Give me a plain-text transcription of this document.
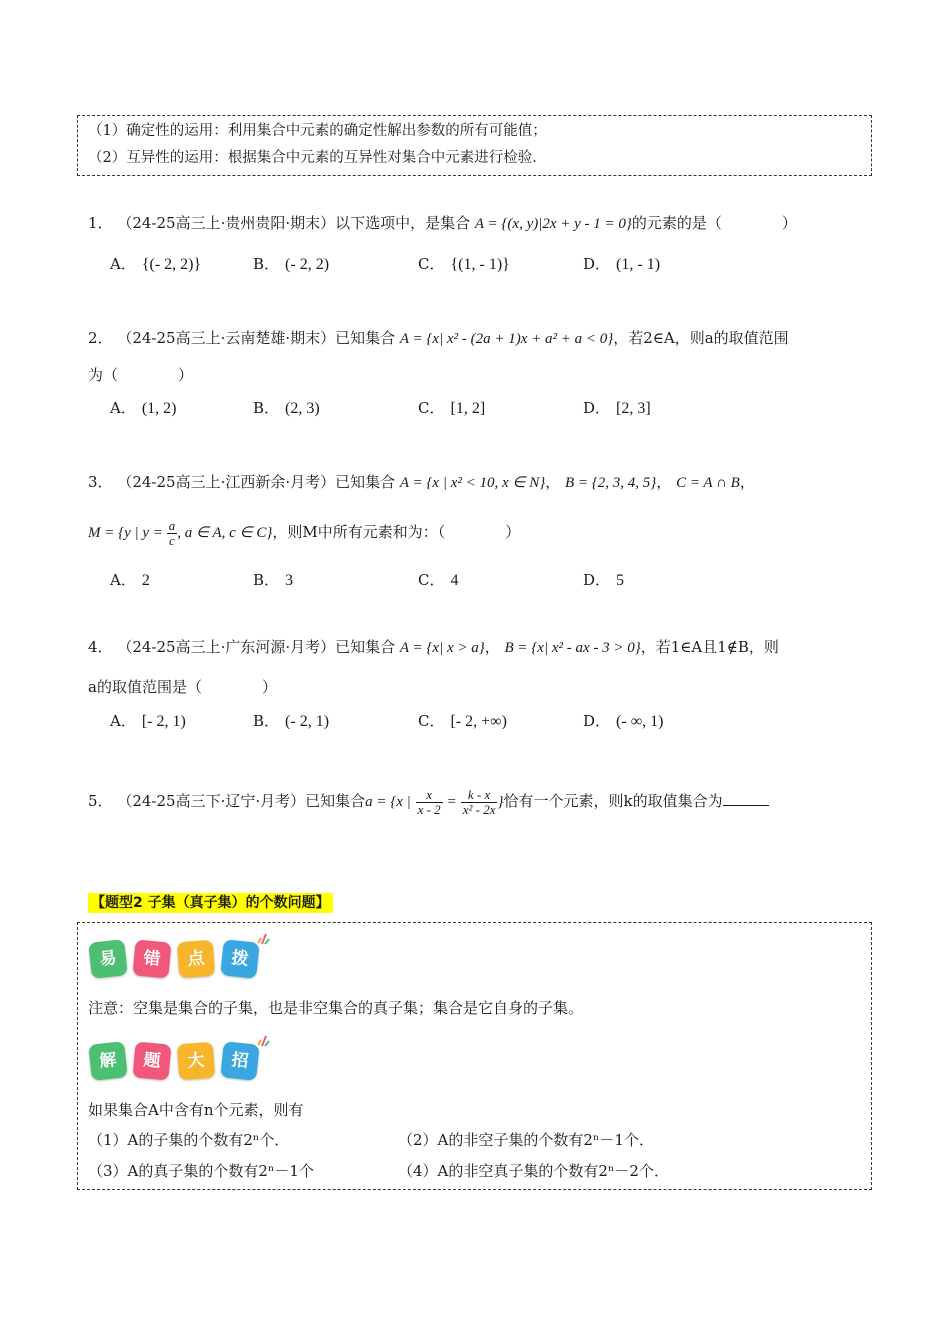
（1）确定性的运用：利用集合中元素的确定性解出参数的所有可能值；
（2）互异性的运用：根据集合中元素的互异性对集合中元素进行检验．
1． （24-25高三上·贵州贵阳·期末）以下选项中，是集合 A = {(x, y)|2x + y - 1 = 0}的元素的是（　　　　）
A． {(- 2, 2)}	B． (- 2, 2)	C． {(1, - 1)}	D． (1, - 1)
2． （24-25高三上·云南楚雄·期末）已知集合 A = {x| x² - (2a + 1)x + a² + a < 0}，若2∈A，则a的取值范围
为（　　　　）
A． (1, 2)	B． (2, 3)	C． [1, 2]	D． [2, 3]
3． （24-25高三上·江西新余·月考）已知集合 A = {x | x² < 10, x ∈ N}， B = {2, 3, 4, 5}， C = A ∩ B，
M = {y | $y = \frac{a}{c}$ , a ∈ A, c ∈ C}，则M中所有元素和为：（　　　　）
A． 2	B． 3	C． 4	D． 5
4． （24-25高三上·广东河源·月考）已知集合 A = {x| x > a}， B = {x| x² - ax - 3 > 0}，若1∈A且1∉B，则
a的取值范围是（　　　　）
A． [- 2, 1)	B． (- 2, 1)	C． [- 2, +∞)	D． (- ∞, 1)
5． （24-25高三下·辽宁·月考）已知集合a = {x | $\frac{x}{x - 2} = \frac{k - x}{\text{x² - 2x}}$ }恰有一个元素，则k的取值集合为
【题型2 子集（真子集）的个数问题】
易	错	点	拨
注意：空集是集合的子集，也是非空集合的真子集；集合是它自身的子集。
解	题	大	招
如果集合A中含有n个元素，则有
（1）A的子集的个数有2ⁿ个．	（2）A的非空子集的个数有2ⁿ－1个．
（3）A的真子集的个数有2ⁿ－1个	（4）A的非空真子集的个数有2ⁿ－2个．
